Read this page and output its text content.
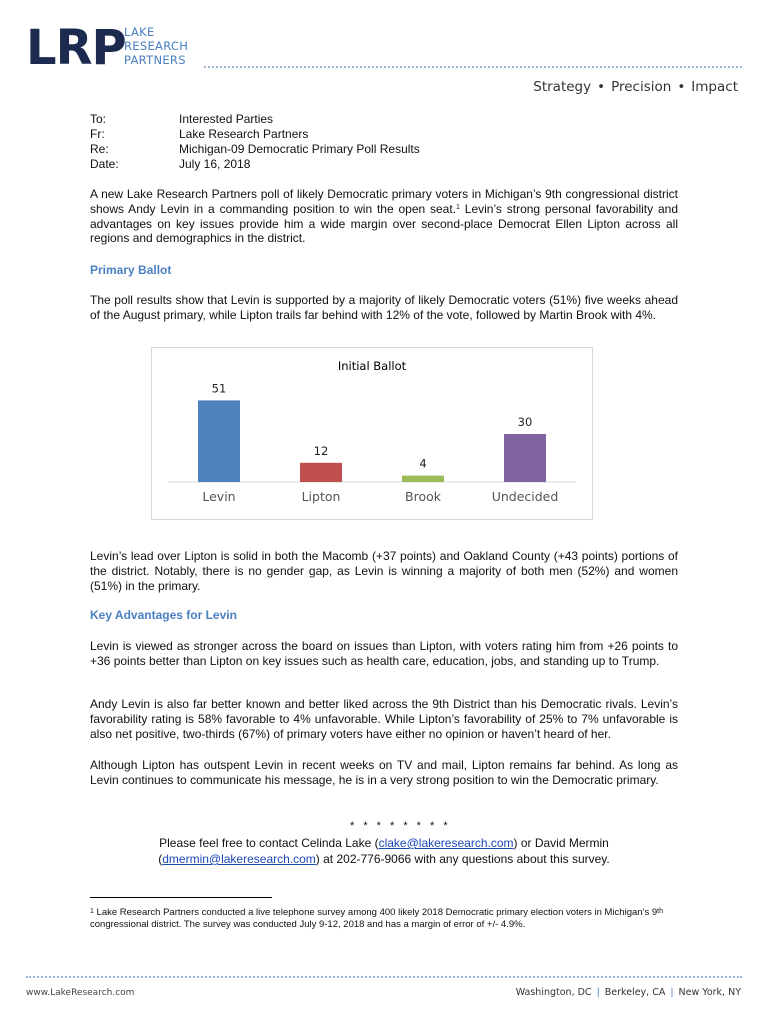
LRP
LAKE
RESEARCH
PARTNERS
Strategy • Precision • Impact
To:	Interested Parties
Fr:	Lake Research Partners
Re:	Michigan-09 Democratic Primary Poll Results
Date:	July 16, 2018
A new Lake Research Partners poll of likely Democratic primary voters in Michigan’s 9th congressional district shows Andy Levin in a commanding position to win the open seat.$^1$ Levin’s strong personal favorability and advantages on key issues provide him a wide margin over second-place Democrat Ellen Lipton across all regions and demographics in the district.
Primary Ballot
The poll results show that Levin is supported by a majority of likely Democratic voters (51%) five weeks ahead of the August primary, while Lipton trails far behind with 12% of the vote, followed by Martin Brook with 4%.
Initial Ballot
51
Levin
12
Lipton
4
Brook
30
Undecided
Levin’s lead over Lipton is solid in both the Macomb (+37 points) and Oakland County (+43 points) portions of the district. Notably, there is no gender gap, as Levin is winning a majority of both men (52%) and women (51%) in the primary.
Key Advantages for Levin
Levin is viewed as stronger across the board on issues than Lipton, with voters rating him from +26 points to +36 points better than Lipton on key issues such as health care, education, jobs, and standing up to Trump.
Andy Levin is also far better known and better liked across the 9th District than his Democratic rivals. Levin’s favorability rating is 58% favorable to 4% unfavorable. While Lipton’s favorability of 25% to 7% unfavorable is also net positive, two-thirds (67%) of primary voters have either no opinion or haven’t heard of her.
Although Lipton has outspent Levin in recent weeks on TV and mail, Lipton remains far behind. As long as Levin continues to communicate his message, he is in a very strong position to win the Democratic primary.
* * * * * * * *
Please feel free to contact Celinda Lake (clake@lakeresearch.com) or David Mermin (dmermin@lakeresearch.com) at 202-776-9066 with any questions about this survey.
$^1$ Lake Research Partners conducted a live telephone survey among 400 likely 2018 Democratic primary election voters in Michigan’s 9th congressional district. The survey was conducted July 9-12, 2018 and has a margin of error of +/- 4.9%.
www.LakeResearch.com	Washington, DC | Berkeley, CA | New York, NY
